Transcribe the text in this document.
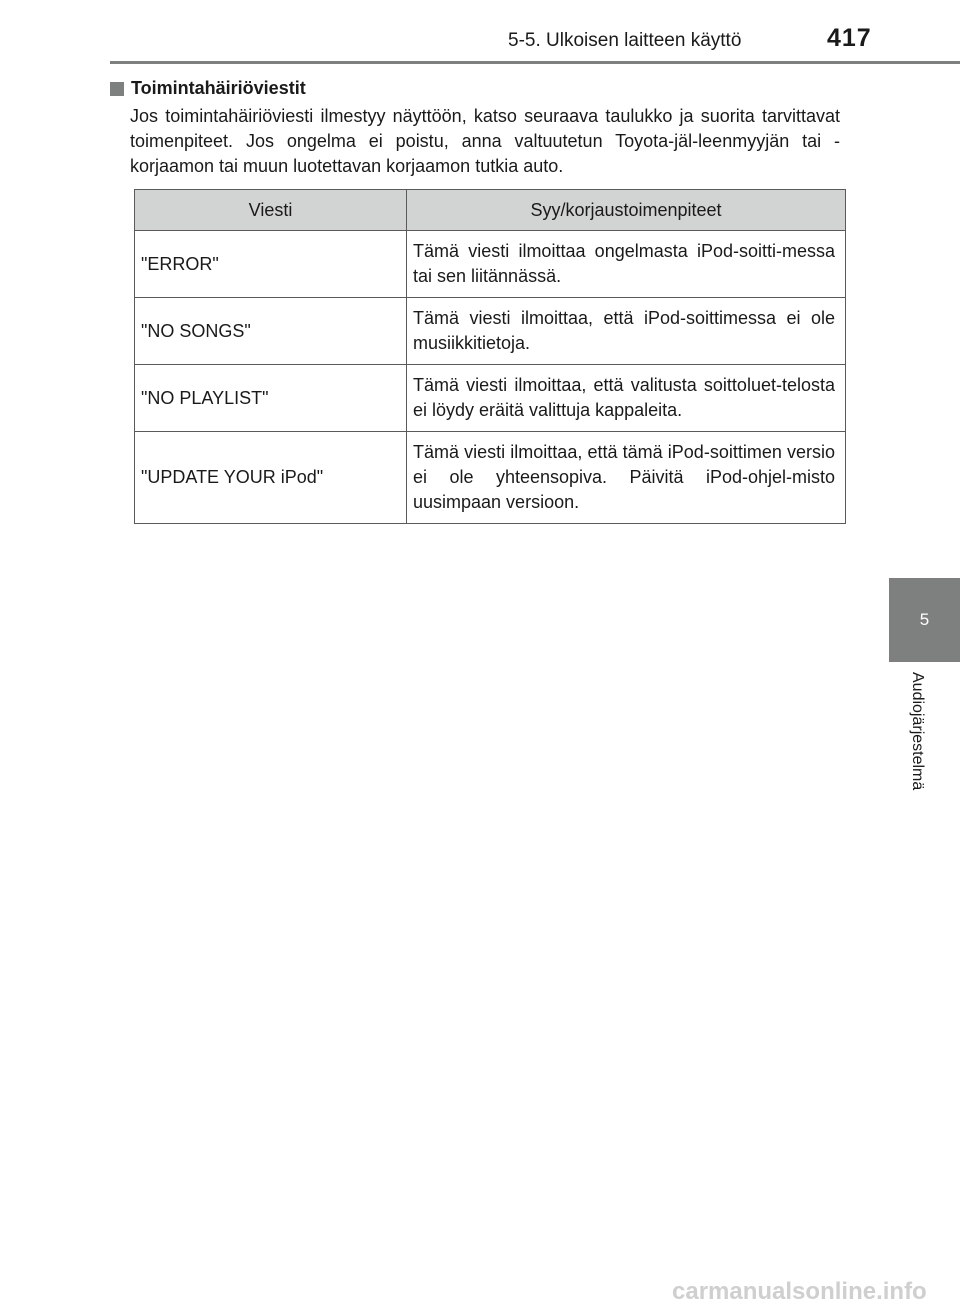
5-5. Ulkoisen laitteen käyttö	417
5
Audiojärjestelmä
Toimintahäiriöviestit
Jos toimintahäiriöviesti ilmestyy näyttöön, katso seuraava taulukko ja suorita tarvittavat toimenpiteet. Jos ongelma ei poistu, anna valtuutetun Toyota-jäl-leenmyyjän tai -korjaamon tai muun luotettavan korjaamon tutkia auto.
Viesti	Syy/korjaustoimenpiteet
"ERROR"	Tämä viesti ilmoittaa ongelmasta iPod-soitti-messa tai sen liitännässä.
"NO SONGS"	Tämä viesti ilmoittaa, että iPod-soittimessa ei ole musiikkitietoja.
"NO PLAYLIST"	Tämä viesti ilmoittaa, että valitusta soittoluet-telosta ei löydy eräitä valittuja kappaleita.
"UPDATE YOUR iPod"	Tämä viesti ilmoittaa, että tämä iPod-soittimen versio ei ole yhteensopiva. Päivitä iPod-ohjel-misto uusimpaan versioon.
carmanualsonline.info
